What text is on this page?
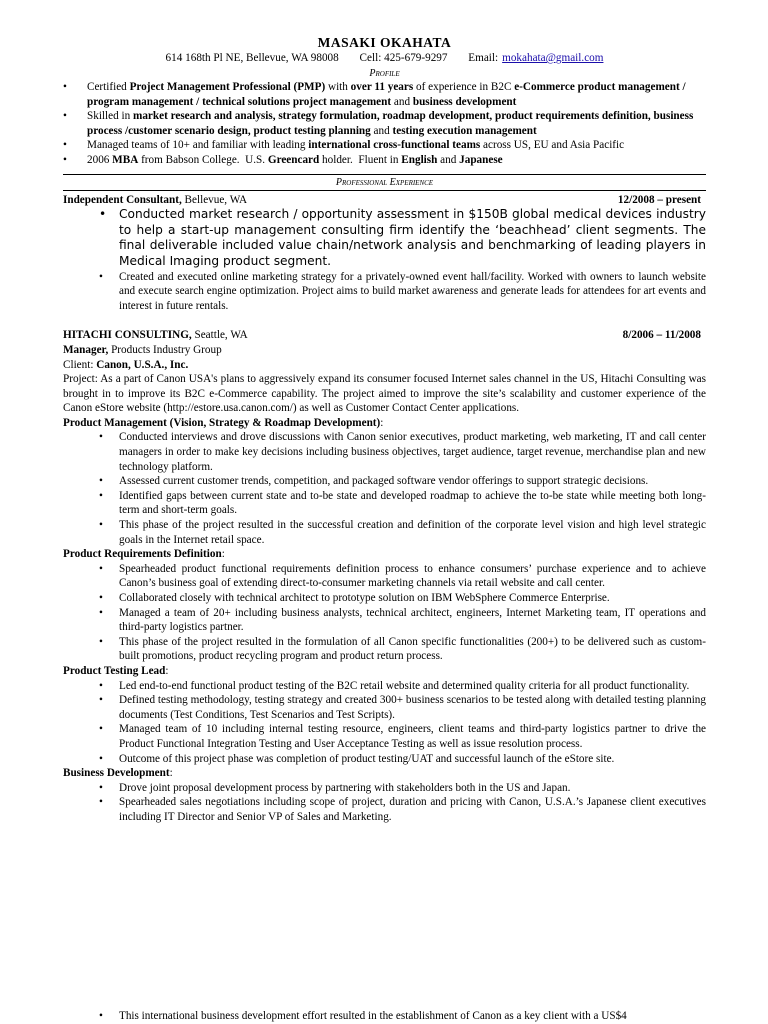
MASAKI OKAHATA
614 168th Pl NE, Bellevue, WA 98008 Cell: 425-679-9297 Email: mokahata@gmail.com
Profile
• Certified Project Management Professional (PMP) with over 11 years of experience in B2C e-Commerce product management / program management / technical solutions project management and business development
• Skilled in market research and analysis, strategy formulation, roadmap development, product requirements definition, business process /customer scenario design, product testing planning and testing execution management
• Managed teams of 10+ and familiar with leading international cross-functional teams across US, EU and Asia Pacific
• 2006 MBA from Babson College.  U.S. Greencard holder.  Fluent in English and Japanese
Professional Experience
Independent Consultant, Bellevue, WA	12/2008 – present
• Conducted market research / opportunity assessment in $150B global medical devices industry to help a start-up management consulting firm identify the ‘beachhead’ client segments. The final deliverable included value chain/network analysis and benchmarking of leading players in Medical Imaging product segment.
• Created and executed online marketing strategy for a privately-owned event hall/facility. Worked with owners to launch website and execute search engine optimization. Project aims to build market awareness and generate leads for attendees for art events and interest in future rentals.
HITACHI CONSULTING, Seattle, WA	8/2006 – 11/2008
Manager, Products Industry Group
Client: Canon, U.S.A., Inc.
Project: As a part of Canon USA's plans to aggressively expand its consumer focused Internet sales channel in the US, Hitachi Consulting was brought in to improve its B2C e-Commerce capability. The project aimed to improve the site’s scalability and customer experience of the Canon eStore website (http://estore.usa.canon.com/) as well as Customer Contact Center applications.
Product Management (Vision, Strategy & Roadmap Development):
• Conducted interviews and drove discussions with Canon senior executives, product marketing, web marketing, IT and call center managers in order to make key decisions including business objectives, target audience, target revenue, merchandise plan and new technology platform.
• Assessed current customer trends, competition, and packaged software vendor offerings to support strategic decisions.
• Identified gaps between current state and to-be state and developed roadmap to achieve the to-be state while meeting both long-term and short-term goals.
• This phase of the project resulted in the successful creation and definition of the corporate level vision and high level strategic goals in the Internet retail space.
Product Requirements Definition:
• Spearheaded product functional requirements definition process to enhance consumers’ purchase experience and to achieve Canon’s business goal of extending direct-to-consumer marketing channels via retail website and call center.
• Collaborated closely with technical architect to prototype solution on IBM WebSphere Commerce Enterprise.
• Managed a team of 20+ including business analysts, technical architect, engineers, Internet Marketing team, IT operations and third-party logistics partner.
• This phase of the project resulted in the formulation of all Canon specific functionalities (200+) to be delivered such as custom-built promotions, product recycling program and product return process.
Product Testing Lead:
• Led end-to-end functional product testing of the B2C retail website and determined quality criteria for all product functionality.
• Defined testing methodology, testing strategy and created 300+ business scenarios to be tested along with detailed testing planning documents (Test Conditions, Test Scenarios and Test Scripts).
• Managed team of 10 including internal testing resource, engineers, client teams and third-party logistics partner to drive the Product Functional Integration Testing and User Acceptance Testing as well as issue resolution process.
• Outcome of this project phase was completion of product testing/UAT and successful launch of the eStore site.
Business Development:
• Drove joint proposal development process by partnering with stakeholders both in the US and Japan.
• Spearheaded sales negotiations including scope of project, duration and pricing with Canon, U.S.A.’s Japanese client executives including IT Director and Senior VP of Sales and Marketing.
• This international business development effort resulted in the establishment of Canon as a key client with a US$4
